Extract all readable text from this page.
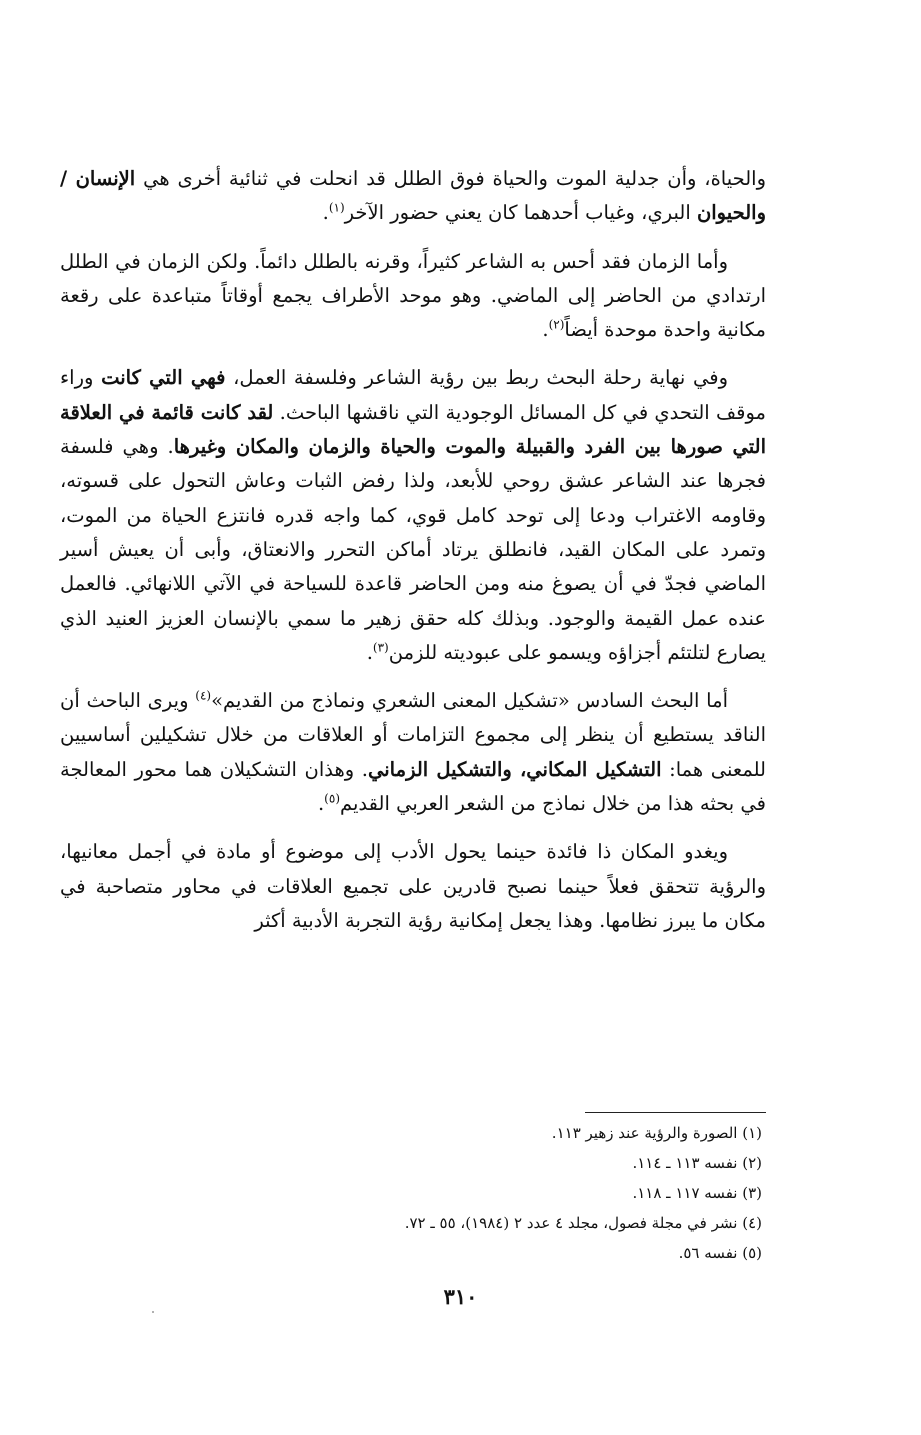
والحياة، وأن جدلية الموت والحياة فوق الطلل قد انحلت في ثنائية أخرى هي الإنسان / والحيوان البري، وغياب أحدهما كان يعني حضور الآخر$^{(١)}$.

وأما الزمان فقد أحس به الشاعر كثيراً، وقرنه بالطلل دائماً. ولكن الزمان في الطلل ارتدادي من الحاضر إلى الماضي. وهو موحد الأطراف يجمع أوقاتاً متباعدة على رقعة مكانية واحدة موحدة أيضاً$^{(٢)}$.

وفي نهاية رحلة البحث ربط بين رؤية الشاعر وفلسفة العمل، فهي التي كانت وراء موقف التحدي في كل المسائل الوجودية التي ناقشها الباحث. لقد كانت قائمة في العلاقة التي صورها بين الفرد والقبيلة والموت والحياة والزمان والمكان وغيرها. وهي فلسفة فجرها عند الشاعر عشق روحي للأبعد، ولذا رفض الثبات وعاش التحول على قسوته، وقاومه الاغتراب ودعا إلى توحد كامل قوي، كما واجه قدره فانتزع الحياة من الموت، وتمرد على المكان القيد، فانطلق يرتاد أماكن التحرر والانعتاق، وأبى أن يعيش أسير الماضي فجدّ في أن يصوغ منه ومن الحاضر قاعدة للسياحة في الآتي اللانهائي. فالعمل عنده عمل القيمة والوجود. وبذلك كله حقق زهير ما سمي بالإنسان العزيز العنيد الذي يصارع لتلتئم أجزاؤه ويسمو على عبوديته للزمن$^{(٣)}$.

أما البحث السادس «تشكيل المعنى الشعري ونماذج من القديم»$^{(٤)}$ ويرى الباحث أن الناقد يستطيع أن ينظر إلى مجموع التزامات أو العلاقات من خلال تشكيلين أساسيين للمعنى هما: التشكيل المكاني، والتشكيل الزماني. وهذان التشكيلان هما محور المعالجة في بحثه هذا من خلال نماذج من الشعر العربي القديم$^{(٥)}$.

ويغدو المكان ذا فائدة حينما يحول الأدب إلى موضوع أو مادة في أجمل معانيها، والرؤية تتحقق فعلاً حينما نصبح قادرين على تجميع العلاقات في محاور متصاحبة في مكان ما يبرز نظامها. وهذا يجعل إمكانية رؤية التجربة الأدبية أكثر

(١) الصورة والرؤية عند زهير ١١٣.

(٢) نفسه ١١٣ ـ ١١٤.

(٣) نفسه ١١٧ ـ ١١٨.

(٤) نشر في مجلة فصول، مجلد ٤ عدد ٢ (١٩٨٤)، ٥٥ ـ ٧٢.

(٥) نفسه ٥٦.

٣١٠
